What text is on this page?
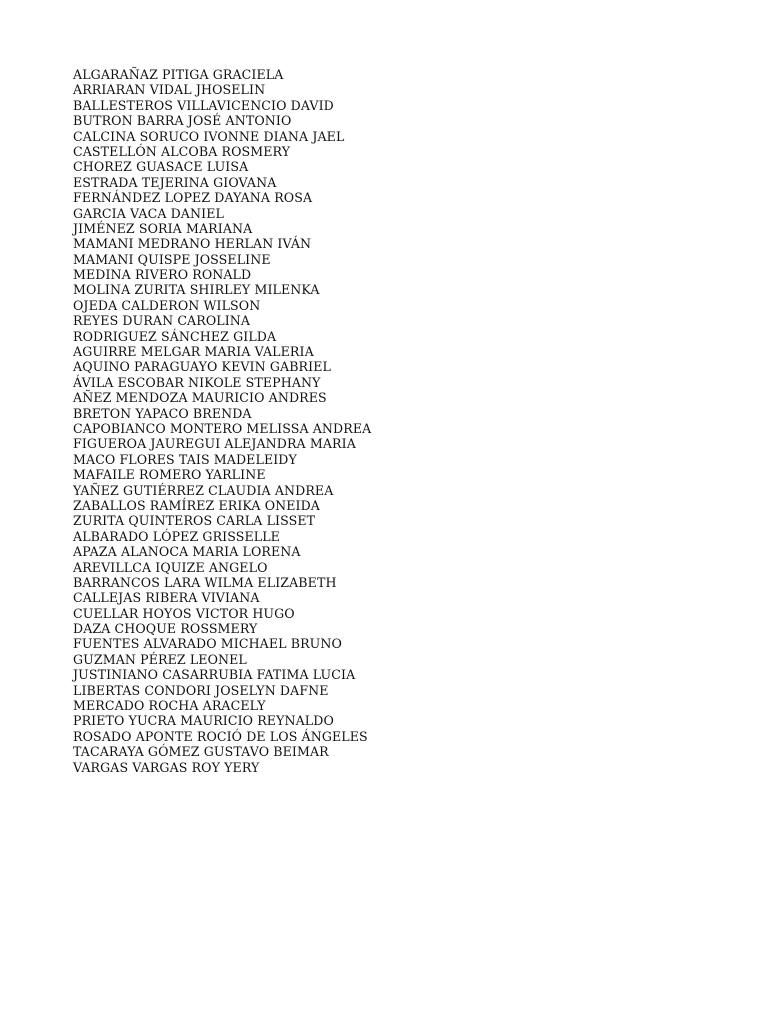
ALGARAÑAZ PITIGA GRACIELA
ARRIARAN VIDAL JHOSELIN
BALLESTEROS VILLAVICENCIO DAVID
BUTRON BARRA JOSÉ ANTONIO
CALCINA SORUCO IVONNE DIANA JAEL
CASTELLÓN ALCOBA ROSMERY
CHOREZ GUASACE LUISA
ESTRADA TEJERINA GIOVANA
FERNÁNDEZ LOPEZ DAYANA ROSA
GARCIA VACA DANIEL
JIMÉNEZ SORIA MARIANA
MAMANI MEDRANO HERLAN IVÁN
MAMANI QUISPE JOSSELINE
MEDINA RIVERO RONALD
MOLINA ZURITA SHIRLEY MILENKA
OJEDA CALDERON WILSON
REYES DURAN CAROLINA
RODRIGUEZ SÁNCHEZ GILDA
AGUIRRE MELGAR MARIA VALERIA
AQUINO PARAGUAYO KEVIN GABRIEL
ÁVILA ESCOBAR NIKOLE STEPHANY
AÑEZ MENDOZA MAURICIO ANDRES
BRETON YAPACO BRENDA
CAPOBIANCO MONTERO MELISSA ANDREA
FIGUEROA JAUREGUI ALEJANDRA MARIA
MACO FLORES TAIS MADELEIDY
MAFAILE ROMERO YARLINE
YAÑEZ GUTIÉRREZ CLAUDIA ANDREA
ZABALLOS RAMÍREZ ERIKA ONEIDA
ZURITA QUINTEROS CARLA LISSET
ALBARADO LÓPEZ GRISSELLE
APAZA ALANOCA MARIA LORENA
AREVILLCA IQUIZE ANGELO
BARRANCOS LARA WILMA ELIZABETH
CALLEJAS RIBERA VIVIANA
CUELLAR HOYOS VICTOR HUGO
DAZA CHOQUE ROSSMERY
FUENTES ALVARADO MICHAEL BRUNO
GUZMAN PÉREZ LEONEL
JUSTINIANO CASARRUBIA FATIMA LUCIA
LIBERTAS CONDORI JOSELYN DAFNE
MERCADO ROCHA ARACELY
PRIETO YUCRA MAURICIO REYNALDO
ROSADO APONTE ROCIÓ DE LOS ÁNGELES
TACARAYA GÓMEZ GUSTAVO BEIMAR
VARGAS VARGAS ROY YERY
